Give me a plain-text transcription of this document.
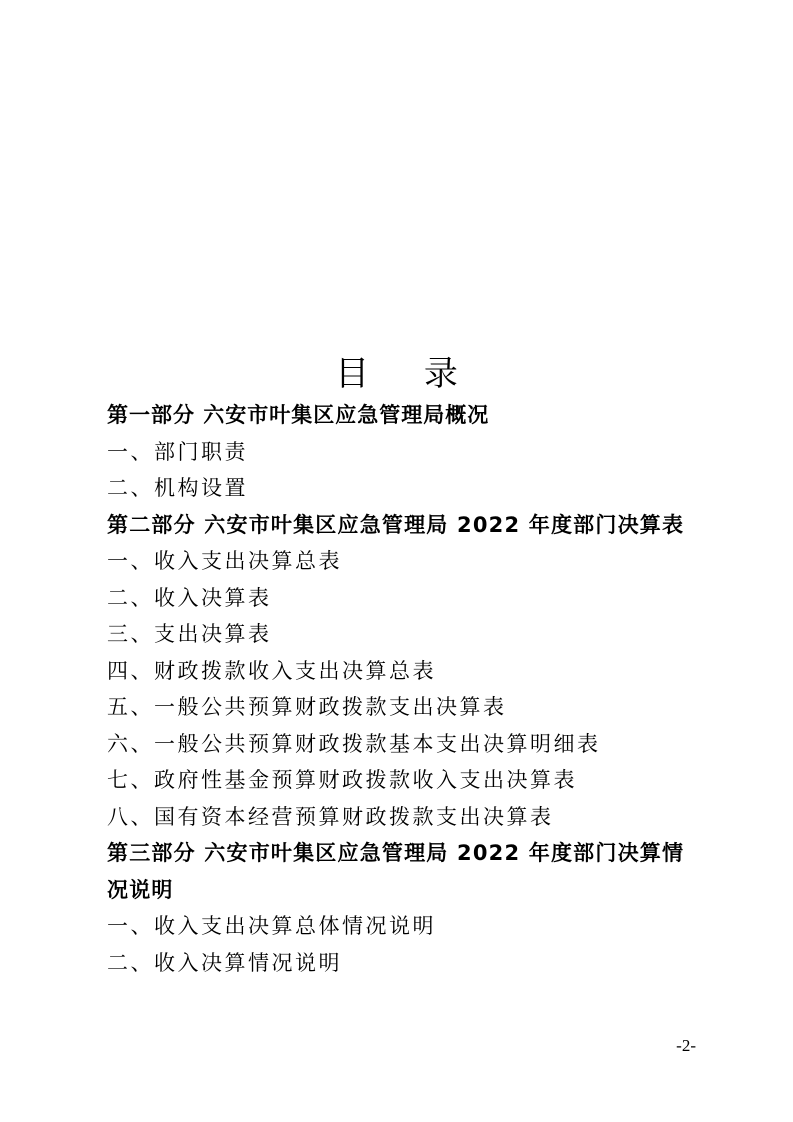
目 录
第一部分 六安市叶集区应急管理局概况
一、部门职责
二、机构设置
第二部分 六安市叶集区应急管理局 2022 年度部门决算表
一、收入支出决算总表
二、收入决算表
三、支出决算表
四、财政拨款收入支出决算总表
五、一般公共预算财政拨款支出决算表
六、一般公共预算财政拨款基本支出决算明细表
七、政府性基金预算财政拨款收入支出决算表
八、国有资本经营预算财政拨款支出决算表
第三部分 六安市叶集区应急管理局 2022 年度部门决算情况说明
一、收入支出决算总体情况说明
二、收入决算情况说明

-2-
